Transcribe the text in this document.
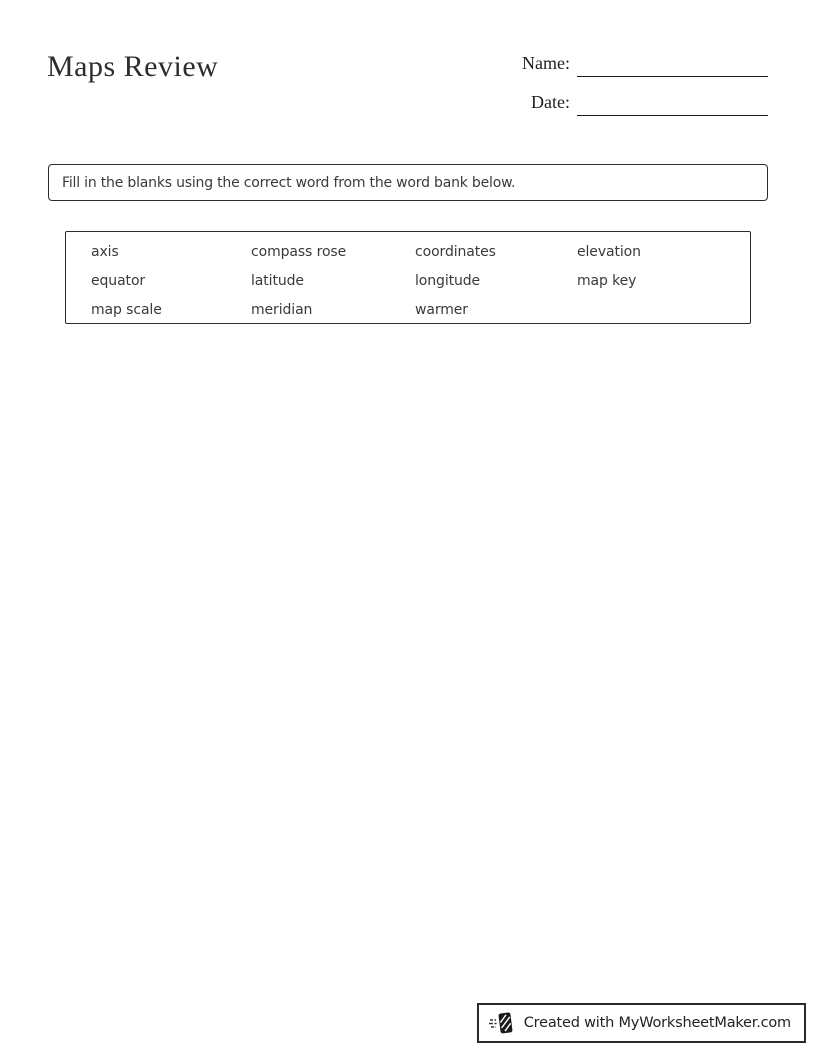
Maps Review	Name:
Date:
Fill in the blanks using the correct word from the word bank below.
axis	compass rose	coordinates	elevation
equator	latitude	longitude	map key
map scale	meridian	warmer
Created with MyWorksheetMaker.com
